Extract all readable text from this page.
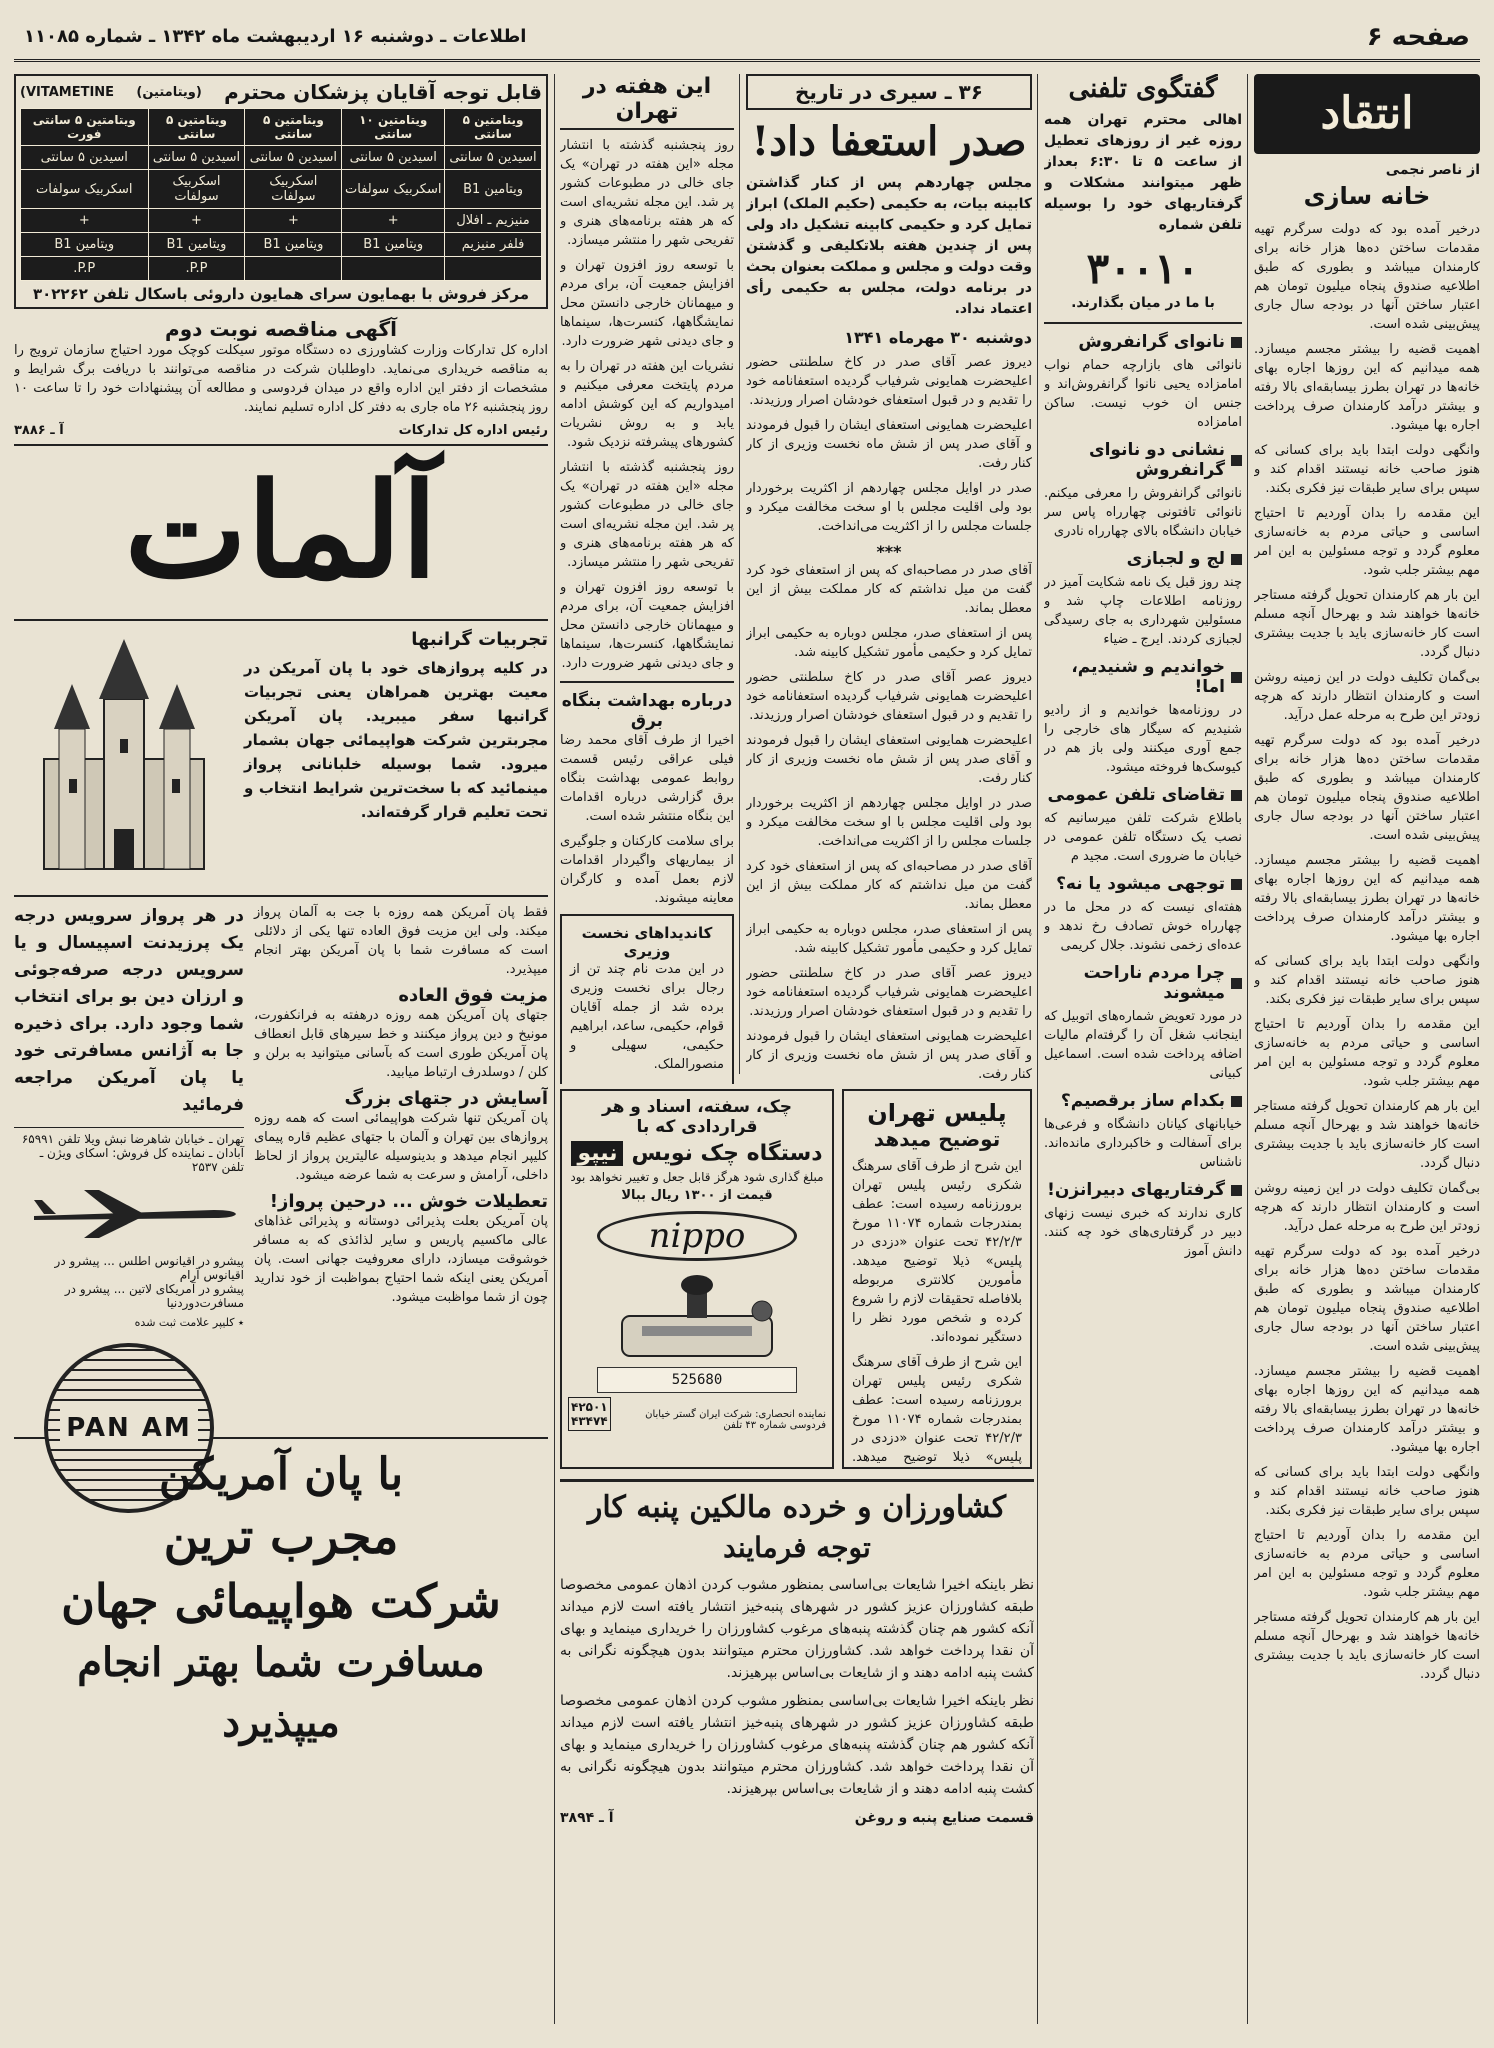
صفحه ۶
اطلاعات ـ دوشنبه ۱۶ اردیبهشت ماه ۱۳۴۲ ـ شماره ۱۱۰۸۵
انتقاد
از ناصر نجمی
خانه سازی

درخیر آمده بود که دولت سرگرم تهیه مقدمات ساختن ده‌ها‌ هزار خانه برای کارمندان میباشد و بطوری که طبق اطلاعیه صندوق پنجاه میلیون تومان هم اعتبار ساختن آنها در بودجه سال جاری پیش‌بینی شده است.

اهمیت قضیه را بیشتر مجسم میسازد. همه میدانیم که این روزها اجاره بهای خانه‌ها در تهران بطرز بیسابقه‌ای بالا رفته و بیشتر درآمد کارمندان صرف پرداخت اجاره بها میشود.

وانگهی دولت ابتدا باید برای کسانی که هنوز صاحب خانه نیستند اقدام کند و سپس برای سایر طبقات نیز فکری بکند.

این مقدمه را بدان آوردیم تا احتیاج اساسی و حیاتی مردم به خانه‌سازی معلوم گردد و توجه مسئولین به این امر مهم بیشتر جلب شود.

این بار هم کارمندان تحویل گرفته مستاجر خانه‌ها خواهند شد و بهرحال آنچه مسلم است کار خانه‌سازی باید با جدیت بیشتری دنبال گردد.

بی‌گمان تکلیف دولت در این زمینه روشن است و کارمندان انتظار دارند که هرچه زودتر این طرح به مرحله عمل درآید.

درخیر آمده بود که دولت سرگرم تهیه مقدمات ساختن ده‌ها‌ هزار خانه برای کارمندان میباشد و بطوری که طبق اطلاعیه صندوق پنجاه میلیون تومان هم اعتبار ساختن آنها در بودجه سال جاری پیش‌بینی شده است.

اهمیت قضیه را بیشتر مجسم میسازد. همه میدانیم که این روزها اجاره بهای خانه‌ها در تهران بطرز بیسابقه‌ای بالا رفته و بیشتر درآمد کارمندان صرف پرداخت اجاره بها میشود.

وانگهی دولت ابتدا باید برای کسانی که هنوز صاحب خانه نیستند اقدام کند و سپس برای سایر طبقات نیز فکری بکند.

این مقدمه را بدان آوردیم تا احتیاج اساسی و حیاتی مردم به خانه‌سازی معلوم گردد و توجه مسئولین به این امر مهم بیشتر جلب شود.

این بار هم کارمندان تحویل گرفته مستاجر خانه‌ها خواهند شد و بهرحال آنچه مسلم است کار خانه‌سازی باید با جدیت بیشتری دنبال گردد.

بی‌گمان تکلیف دولت در این زمینه روشن است و کارمندان انتظار دارند که هرچه زودتر این طرح به مرحله عمل درآید.

درخیر آمده بود که دولت سرگرم تهیه مقدمات ساختن ده‌ها‌ هزار خانه برای کارمندان میباشد و بطوری که طبق اطلاعیه صندوق پنجاه میلیون تومان هم اعتبار ساختن آنها در بودجه سال جاری پیش‌بینی شده است.

اهمیت قضیه را بیشتر مجسم میسازد. همه میدانیم که این روزها اجاره بهای خانه‌ها در تهران بطرز بیسابقه‌ای بالا رفته و بیشتر درآمد کارمندان صرف پرداخت اجاره بها میشود.

وانگهی دولت ابتدا باید برای کسانی که هنوز صاحب خانه نیستند اقدام کند و سپس برای سایر طبقات نیز فکری بکند.

این مقدمه را بدان آوردیم تا احتیاج اساسی و حیاتی مردم به خانه‌سازی معلوم گردد و توجه مسئولین به این امر مهم بیشتر جلب شود.

این بار هم کارمندان تحویل گرفته مستاجر خانه‌ها خواهند شد و بهرحال آنچه مسلم است کار خانه‌سازی باید با جدیت بیشتری دنبال گردد.

گفتگوی تلفنی

اهالی محترم تهران همه روزه غیر از روزهای تعطیل از ساعت ۵ تا ۶:۳۰ بعداز ظهر میتوانند مشکلات و گرفتاریهای خود را بوسیله تلفن شماره

۳۰۰۱۰

با ما در میان بگذارند.

نانوای گرانفروش

نانوائی های بازارچه حمام نواب امامزاده یحیی نانوا گرانفروش‌اند و جنس ان خوب نیست. ساکن امامزاده

نشانی دو نانوای گرانفروش

نانوائی گرانفروش را معرفی میکنم. نانوائی تافتونی چهارراه پاس سر خیابان دانشگاه بالای چهارراه نادری

لج و لجبازی

چند روز قبل یک نامه شکایت آمیز در روزنامه اطلاعات چاپ شد و مسئولین شهرداری به جای رسیدگی لجبازی کردند. ایرج ـ ضیاء

خواندیم و شنیدیم، اما!

در روزنامه‌ها خواندیم و از رادیو شنیدیم که سیگار های خارجی را جمع آوری میکنند ولی باز هم در کیوسک‌ها فروخته میشود.

تقاضای تلفن عمومی

باطلاع شرکت تلفن میرسانیم که نصب یک دستگاه تلفن عمومی در خیابان ما ضروری است. مجید م

توجهی میشود یا نه؟

هفته‌ای نیست که در محل ما در چهارراه خوش تصادف رخ ندهد و عده‌ای زخمی نشوند. جلال کریمی

چرا مردم ناراحت میشوند

در مورد تعویض شماره‌های اتوبیل که اینجانب شغل آن را گرفته‌ام مالیات اضافه پرداخت شده است. اسماعیل کبیانی

بکدام ساز برقصیم؟

خیابانهای کیانان دانشگاه و فرعی‌ها برای آسفالت و خاکبرداری مانده‌اند. ناشناس

گرفتاریهای دبیرانزن!

کاری ندارند که خبری نیست زنهای دبیر در گرفتاری‌های خود چه کنند. دانش آموز

۳۶ ـ سیری در تاریخ
صدر استعفا داد!

مجلس چهاردهم پس از کنار گذاشتن کابینه بیات، به حکیمی (حکیم الملک) ابراز تمایل کرد و حکیمی کابینه تشکیل داد ولی پس از چندین هفته بلاتکلیفی و گذشتن وقت دولت و مجلس و مملکت بعنوان بحث در برنامه دولت، مجلس به حکیمی رأی اعتماد نداد.

دوشنبه ۳۰ مهرماه ۱۳۴۱

دیروز عصر آقای صدر در کاخ سلطنتی حضور اعلیحضرت همایونی شرفیاب گردیده استعفانامه خود را تقدیم و در قبول استعفای خودشان اصرار ورزیدند.

اعلیحضرت همایونی استعفای ایشان را قبول فرمودند و آقای صدر پس از شش ماه نخست وزیری از کار کنار رفت.

صدر در اوایل مجلس چهاردهم از اکثریت برخوردار بود ولی اقلیت مجلس با او سخت مخالفت میکرد و جلسات مجلس را از اکثریت می‌انداخت.

***

آقای صدر در مصاحبه‌ای که پس از استعفای خود کرد گفت من میل نداشتم که کار مملکت بیش از این معطل بماند.

پس از استعفای صدر، مجلس دوباره به حکیمی ابراز تمایل کرد و حکیمی مأمور تشکیل کابینه شد.

دیروز عصر آقای صدر در کاخ سلطنتی حضور اعلیحضرت همایونی شرفیاب گردیده استعفانامه خود را تقدیم و در قبول استعفای خودشان اصرار ورزیدند.

اعلیحضرت همایونی استعفای ایشان را قبول فرمودند و آقای صدر پس از شش ماه نخست وزیری از کار کنار رفت.

صدر در اوایل مجلس چهاردهم از اکثریت برخوردار بود ولی اقلیت مجلس با او سخت مخالفت میکرد و جلسات مجلس را از اکثریت می‌انداخت.

آقای صدر در مصاحبه‌ای که پس از استعفای خود کرد گفت من میل نداشتم که کار مملکت بیش از این معطل بماند.

پس از استعفای صدر، مجلس دوباره به حکیمی ابراز تمایل کرد و حکیمی مأمور تشکیل کابینه شد.

دیروز عصر آقای صدر در کاخ سلطنتی حضور اعلیحضرت همایونی شرفیاب گردیده استعفانامه خود را تقدیم و در قبول استعفای خودشان اصرار ورزیدند.

اعلیحضرت همایونی استعفای ایشان را قبول فرمودند و آقای صدر پس از شش ماه نخست وزیری از کار کنار رفت.

پلیس تهران
توضیح میدهد

این شرح از طرف آقای سرهنگ شکری رئیس پلیس تهران برورزنامه رسیده است: عطف بمندرجات شماره ۱۱۰۷۴ مورخ ۴۲/۲/۳ تحت عنوان «دزدی در پلیس» ذیلا توضیح میدهد. مأمورین کلانتری مربوطه بلافاصله تحقیقات لازم را شروع کرده و شخص مورد نظر را دستگیر نموده‌اند.

این شرح از طرف آقای سرهنگ شکری رئیس پلیس تهران برورزنامه رسیده است: عطف بمندرجات شماره ۱۱۰۷۴ مورخ ۴۲/۲/۳ تحت عنوان «دزدی در پلیس» ذیلا توضیح میدهد.

این هفته در تهران

روز پنجشنبه گذشته با انتشار مجله «این هفته در تهران» یک جای خالی در مطبوعات کشور پر شد. این مجله نشریه‌ای است که هر هفته برنامه‌های هنری و تفریحی شهر را منتشر میسازد.

با توسعه روز افزون تهران و افزایش جمعیت آن، برای مردم و میهمانان خارجی دانستن محل نمایشگاهها، کنسرت‌ها، سینماها و جای دیدنی شهر ضرورت دارد.

نشریات این هفته در تهران را به مردم پایتخت معرفی میکنیم و امیدواریم که این کوشش ادامه یابد و به روش نشریات کشورهای پیشرفته نزدیک شود.

روز پنجشنبه گذشته با انتشار مجله «این هفته در تهران» یک جای خالی در مطبوعات کشور پر شد. این مجله نشریه‌ای است که هر هفته برنامه‌های هنری و تفریحی شهر را منتشر میسازد.

با توسعه روز افزون تهران و افزایش جمعیت آن، برای مردم و میهمانان خارجی دانستن محل نمایشگاهها، کنسرت‌ها، سینماها و جای دیدنی شهر ضرورت دارد.

درباره بهداشت بنگاه برق

اخیرا از طرف آقای محمد رضا فیلی عراقی رئیس قسمت روابط عمومی بهداشت بنگاه برق گزارشی درباره اقدامات این بنگاه منتشر شده است.

برای سلامت کارکنان و جلوگیری از بیماریهای واگیردار اقدامات لازم بعمل آمده و کارگران معاینه میشوند.

کاندیداهای نخست وزیری

در این مدت نام چند تن از رجال برای نخست وزیری برده شد از جمله آقایان قوام، حکیمی، ساعد، ابراهیم حکیمی، سهیلی و منصورالملک.

چک، سفته، اسناد و هر قراردادی که با
دستگاه چک نویس
نیپو
مبلغ گذاری شود هرگز قابل جعل و تغییر نخواهد بود
قیمت از ۱۳۰۰ ریال ببالا
nippo
525680
نماینده انحصاری: شرکت ایران گستر خیابان فردوسی شماره ۴۳ تلفن
۴۲۵۰۱
۴۳۴۷۴
کشاورزان و خرده مالکین پنبه کار
توجه فرمایند

نظر باینکه اخیرا شایعات بی‌اساسی بمنظور مشوب کردن اذهان عمومی مخصوصا طبقه کشاورزان عزیز کشور در شهرهای پنبه‌خیز انتشار یافته است لازم میداند آنکه کشور هم چنان گذشته پنبه‌های مرغوب کشاورزان را خریداری مینماید و بهای آن نقدا پرداخت خواهد شد. کشاورزان محترم میتوانند بدون هیچگونه نگرانی به کشت پنبه ادامه دهند و از شایعات بی‌اساس بپرهیزند.

نظر باینکه اخیرا شایعات بی‌اساسی بمنظور مشوب کردن اذهان عمومی مخصوصا طبقه کشاورزان عزیز کشور در شهرهای پنبه‌خیز انتشار یافته است لازم میداند آنکه کشور هم چنان گذشته پنبه‌های مرغوب کشاورزان را خریداری مینماید و بهای آن نقدا پرداخت خواهد شد. کشاورزان محترم میتوانند بدون هیچگونه نگرانی به کشت پنبه ادامه دهند و از شایعات بی‌اساس بپرهیزند.

قسمت صنایع پنبه و روغن
آ ـ ۳۸۹۴
قابل توجه آقایان پزشکان محترم
(ویتامتین)
(VITAMETINE
ویتامتین ۵ سانتی	ویتامتین ۱۰ سانتی	ویتامتین ۵ سانتی	ویتامتین ۵ سانتی	ویتامتین ۵ سانتی فورت
اسیدین ۵ سانتی	اسیدین ۵ سانتی	اسیدین ۵ سانتی	اسیدین ۵ سانتی	اسیدین ۵ سانتی
ویتامین B1	اسکربیک سولفات	اسکربیک سولفات	اسکربیک سولفات	اسکربیک سولفات
منیزیم ـ افلال	+	+	+	+
فلفر منیزیم	ویتامین B1	ویتامین B1	ویتامین B1	ویتامین B1
			P.P.	P.P.
مرکز فروش با بهمایون سرای همایون داروئی باسکال تلفن ۳۰۲۲۶۲
آگهی مناقصه نوبت دوم

اداره کل تدارکات وزارت کشاورزی ده دستگاه موتور سیکلت کوچک مورد احتیاج سازمان ترویج را به مناقصه خریداری می‌نماید. داوطلبان شرکت در مناقصه می‌توانند با دریافت برگ شرایط و مشخصات از دفتر این اداره واقع در میدان فردوسی و مطالعه آن پیشنهادات خود را تا ساعت ۱۰ روز پنجشنبه ۲۶ ماه جاری به دفتر کل اداره تسلیم نمایند.

رئیس اداره کل تدارکات
آ ـ ۳۸۸۶
آلمات
تجربیات گرانبها

در کلیه پروازهای خود با پان آمریکن در معیت بهترین همراهان یعنی تجربیات گرانبها سفر میبرید. پان آمریکن مجربترین شرکت هواپیمائی جهان بشمار میرود. شما بوسیله خلبانانی پرواز مینمائید که با سخت‌ترین شرایط انتخاب و تحت تعلیم قرار گرفته‌اند.

فقط پان آمریکن همه روزه با جت به آلمان پرواز میکند. ولی این مزیت فوق العاده تنها یکی از دلائلی است که مسافرت شما با پان آمریکن بهتر انجام میپذیرد.

مزیت فوق العاده

جتهای پان آمریکن همه روزه درهفته به فرانکفورت، مونیخ و دین پرواز میکنند و خط سیرهای قابل انعطاف پان آمریکن طوری است که بآسانی میتوانید به برلن و کلن / دوسلدرف ارتباط میابید.

آسایش در جتهای بزرگ

پان آمریکن تنها شرکت هواپیمائی است که همه روزه پروازهای بین تهران و آلمان با جتهای عظیم قاره پیمای کلیپر انجام میدهد و بدینوسیله عالیترین پرواز از لحاظ داخلی، آرامش و سرعت به شما عرضه میشود.

تعطیلات خوش ... درحین پرواز!

پان آمریکن بعلت پذیرائی دوستانه و پذیرائی غذاهای عالی ماکسیم پاریس و سایر لذائذی که به مسافر خوشوقت میسازد، دارای معروفیت جهانی است. پان آمریکن یعنی اینکه شما احتیاج بمواظبت از خود ندارید چون از شما مواظبت میشود.

در هر پرواز سرویس درجه یک پرزیدنت اسپیسال و یا سرویس درجه صرفه‌جوئی و ارزان دین بو برای انتخاب شما وجود دارد. برای ذخیره جا به آژانس مسافرتی خود یا پان آمریکن مراجعه فرمائید

تهران ـ خیابان شاهرضا نبش ویلا تلفن ۶۵۹۹۱
آبادان ـ نماینده کل فروش: اسکای ویژن ـ تلفن ۲۵۳۷
پیشرو در اقیانوس اطلس ... پیشرو در اقیانوس آرام
پیشرو در آمریکای لاتین ... پیشرو در مسافرت‌دوردنیا
٭ کلیپر علامت ثبت شده
PAN AM
با پان آمریکن
مجرب ترین
شرکت هواپیمائی جهان
مسافرت شما بهتر انجام میپذیرد
